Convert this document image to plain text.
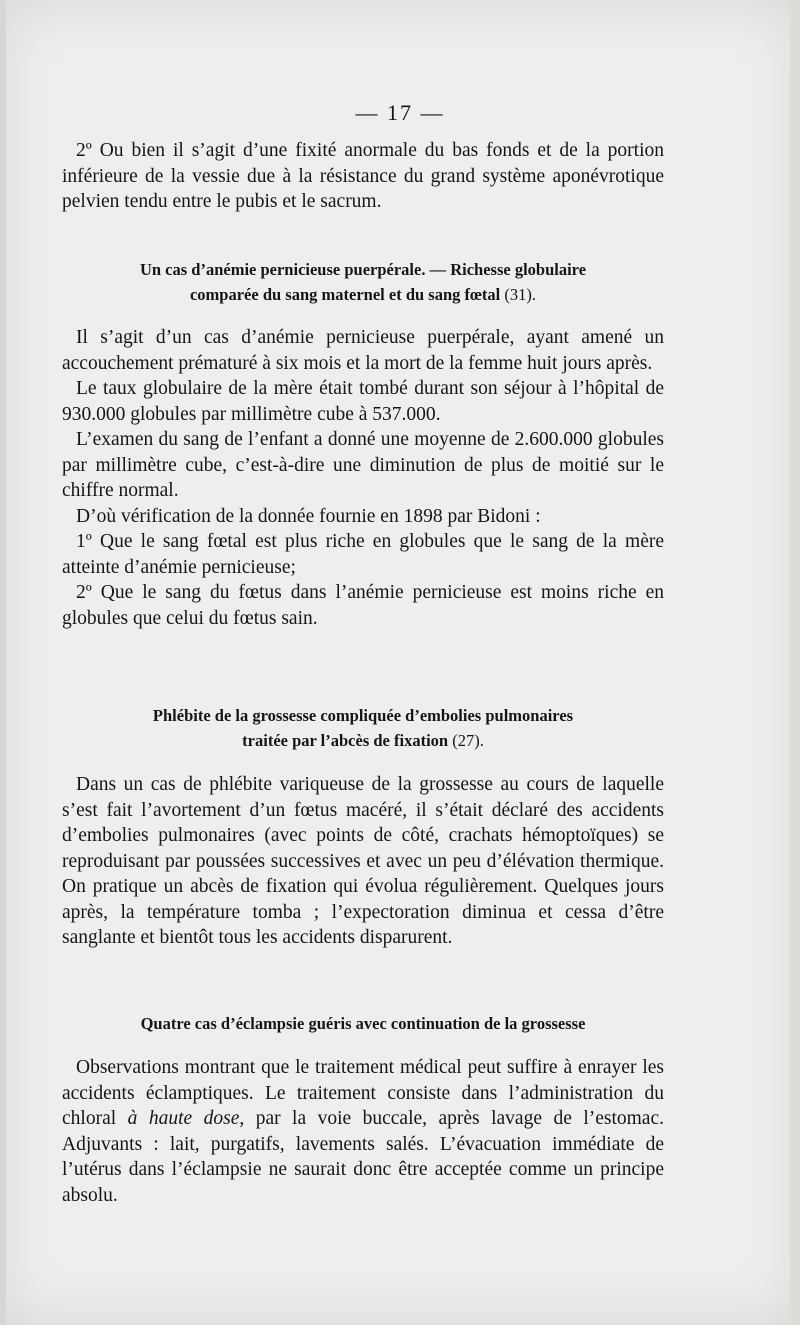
— 17 —

2º Ou bien il s’agit d’une fixité anormale du bas fonds et de la portion inférieure de la vessie due à la résistance du grand système aponévrotique pelvien tendu entre le pubis et le sacrum.

Un cas d’anémie pernicieuse puerpérale. — Richesse globulaire

comparée du sang maternel et du sang fœtal (31).

Il s’agit d’un cas d’anémie pernicieuse puerpérale, ayant amené un accouchement prématuré à six mois et la mort de la femme huit jours après.

Le taux globulaire de la mère était tombé durant son séjour à l’hôpital de 930.000 globules par millimètre cube à 537.000.

L’examen du sang de l’enfant a donné une moyenne de 2.600.000 globules par millimètre cube, c’est-à-dire une diminution de plus de moitié sur le chiffre normal.

D’où vérification de la donnée fournie en 1898 par Bidoni :

1º Que le sang fœtal est plus riche en globules que le sang de la mère atteinte d’anémie pernicieuse;

2º Que le sang du fœtus dans l’anémie pernicieuse est moins riche en globules que celui du fœtus sain.

Phlébite de la grossesse compliquée d’embolies pulmonaires

traitée par l’abcès de fixation (27).

Dans un cas de phlébite variqueuse de la grossesse au cours de laquelle s’est fait l’avortement d’un fœtus macéré, il s’était déclaré des accidents d’embolies pulmonaires (avec points de côté, crachats hémoptoïques) se reproduisant par poussées successives et avec un peu d’élévation thermique. On pratique un abcès de fixation qui évolua régulièrement. Quelques jours après, la température tomba ; l’expectoration diminua et cessa d’être sanglante et bientôt tous les accidents disparurent.

Quatre cas d’éclampsie guéris avec continuation de la grossesse

Observations montrant que le traitement médical peut suffire à enrayer les accidents éclamptiques. Le traitement consiste dans l’administration du chloral à haute dose, par la voie buccale, après lavage de l’estomac. Adjuvants : lait, purgatifs, lavements salés. L’évacuation immédiate de l’utérus dans l’éclampsie ne saurait donc être acceptée comme un principe absolu.
